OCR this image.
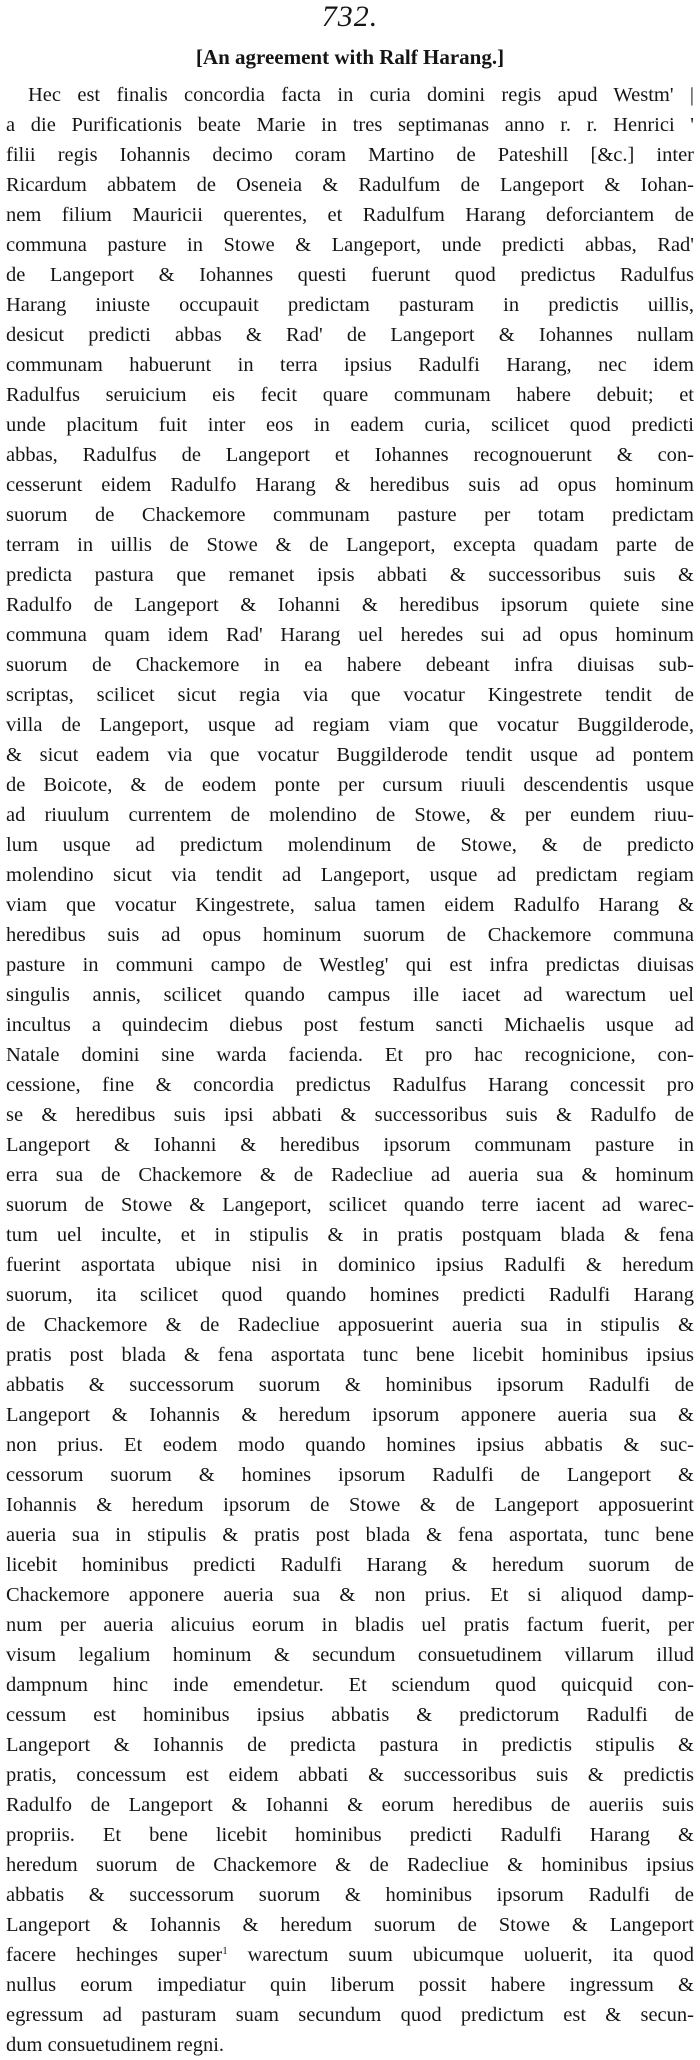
732.
[An agreement with Ralf Harang.]
Hec est finalis concordia facta in curia domini regis apud Westm' |
a die Purificationis beate Marie in tres septimanas anno r. r. Henrici '
filii regis Iohannis decimo coram Martino de Pateshill [&c.] inter
Ricardum abbatem de Oseneia & Radulfum de Langeport & Iohan-
nem filium Mauricii querentes, et Radulfum Harang deforciantem de
communa pasture in Stowe & Langeport, unde predicti abbas, Rad'
de Langeport & Iohannes questi fuerunt quod predictus Radulfus
Harang iniuste occupauit predictam pasturam in predictis uillis,
desicut predicti abbas & Rad' de Langeport & Iohannes nullam
communam habuerunt in terra ipsius Radulfi Harang, nec idem
Radulfus seruicium eis fecit quare communam habere debuit; et
unde placitum fuit inter eos in eadem curia, scilicet quod predicti
abbas, Radulfus de Langeport et Iohannes recognouerunt & con-
cesserunt eidem Radulfo Harang & heredibus suis ad opus hominum
suorum de Chackemore communam pasture per totam predictam
terram in uillis de Stowe & de Langeport, excepta quadam parte de
predicta pastura que remanet ipsis abbati & successoribus suis &
Radulfo de Langeport & Iohanni & heredibus ipsorum quiete sine
communa quam idem Rad' Harang uel heredes sui ad opus hominum
suorum de Chackemore in ea habere debeant infra diuisas sub-
scriptas, scilicet sicut regia via que vocatur Kingestrete tendit de
villa de Langeport, usque ad regiam viam que vocatur Buggilderode,
& sicut eadem via que vocatur Buggilderode tendit usque ad pontem
de Boicote, & de eodem ponte per cursum riuuli descendentis usque
ad riuulum currentem de molendino de Stowe, & per eundem riuu-
lum usque ad predictum molendinum de Stowe, & de predicto
molendino sicut via tendit ad Langeport, usque ad predictam regiam
viam que vocatur Kingestrete, salua tamen eidem Radulfo Harang &
heredibus suis ad opus hominum suorum de Chackemore communa
pasture in communi campo de Westleg' qui est infra predictas diuisas
singulis annis, scilicet quando campus ille iacet ad warectum uel
incultus a quindecim diebus post festum sancti Michaelis usque ad
Natale domini sine warda facienda. Et pro hac recognicione, con-
cessione, fine & concordia predictus Radulfus Harang concessit pro
se & heredibus suis ipsi abbati & successoribus suis & Radulfo de
Langeport & Iohanni & heredibus ipsorum communam pasture in
erra sua de Chackemore & de Radecliue ad aueria sua & hominum
suorum de Stowe & Langeport, scilicet quando terre iacent ad warec-
tum uel inculte, et in stipulis & in pratis postquam blada & fena
fuerint asportata ubique nisi in dominico ipsius Radulfi & heredum
suorum, ita scilicet quod quando homines predicti Radulfi Harang
de Chackemore & de Radecliue apposuerint aueria sua in stipulis &
pratis post blada & fena asportata tunc bene licebit hominibus ipsius
abbatis & successorum suorum & hominibus ipsorum Radulfi de
Langeport & Iohannis & heredum ipsorum apponere aueria sua &
non prius. Et eodem modo quando homines ipsius abbatis & suc-
cessorum suorum & homines ipsorum Radulfi de Langeport &
Iohannis & heredum ipsorum de Stowe & de Langeport apposuerint
aueria sua in stipulis & pratis post blada & fena asportata, tunc bene
licebit hominibus predicti Radulfi Harang & heredum suorum de
Chackemore apponere aueria sua & non prius. Et si aliquod damp-
num per aueria alicuius eorum in bladis uel pratis factum fuerit, per
visum legalium hominum & secundum consuetudinem villarum illud
dampnum hinc inde emendetur. Et sciendum quod quicquid con-
cessum est hominibus ipsius abbatis & predictorum Radulfi de
Langeport & Iohannis de predicta pastura in predictis stipulis &
pratis, concessum est eidem abbati & successoribus suis & predictis
Radulfo de Langeport & Iohanni & eorum heredibus de aueriis suis
propriis. Et bene licebit hominibus predicti Radulfi Harang &
heredum suorum de Chackemore & de Radecliue & hominibus ipsius
abbatis & successorum suorum & hominibus ipsorum Radulfi de
Langeport & Iohannis & heredum suorum de Stowe & Langeport
facere hechinges super$^1$ warectum suum ubicumque uoluerit, ita quod
nullus eorum impediatur quin liberum possit habere ingressum &
egressum ad pasturam suam secundum quod predictum est & secun-
dum consuetudinem regni.
